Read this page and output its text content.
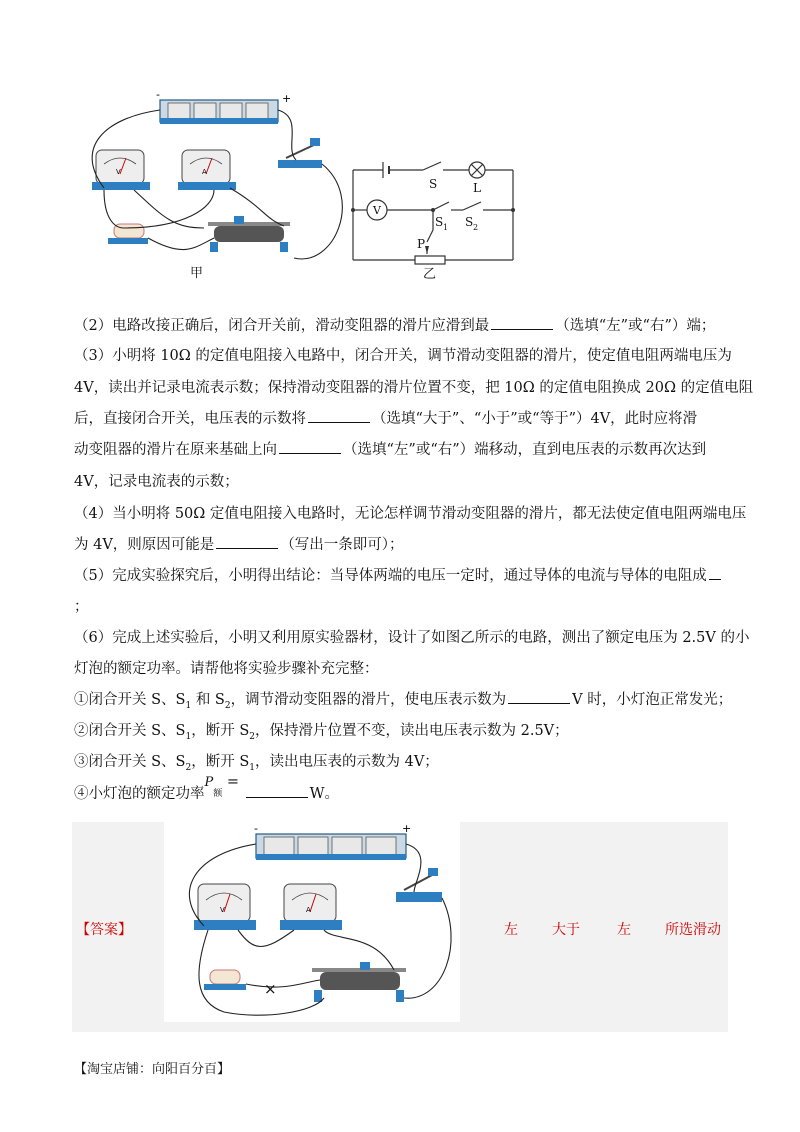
-	+
V	A
甲
V
S	L
S 1 S 2
P
乙
（2）电路改接正确后，闭合开关前，滑动变阻器的滑片应滑到最	（选填“左”或“右”）端；
（3）小明将 10Ω 的定值电阻接入电路中，闭合开关，调节滑动变阻器的滑片，使定值电阻两端电压为
4V，读出并记录电流表示数；保持滑动变阻器的滑片位置不变，把 10Ω 的定值电阻换成 20Ω 的定值电阻
后，直接闭合开关，电压表的示数将	（选填“大于”、“小于”或“等于”）4V，此时应将滑
动变阻器的滑片在原来基础上向	（选填“左”或“右”）端移动，直到电压表的示数再次达到
4V，记录电流表的示数；
（4）当小明将 50Ω 定值电阻接入电路时，无论怎样调节滑动变阻器的滑片，都无法使定值电阻两端电压
为 4V，则原因可能是	（写出一条即可）；
（5）完成实验探究后，小明得出结论：当导体两端的电压一定时，通过导体的电流与导体的电阻成
；
（6）完成上述实验后，小明又利用原实验器材，设计了如图乙所示的电路，测出了额定电压为 2.5V 的小
灯泡的额定功率。请帮他将实验步骤补充完整：
①闭合开关 S、$S_1$ 和 $S_2$，调节滑动变阻器的滑片，使电压表示数为	V 时，小灯泡正常发光；
②闭合开关 S、$S_1$，断开 $S_2$，保持滑片位置不变，读出电压表示数为 2.5V；
③闭合开关 S、$S_2$，断开 $S_1$，读出电压表的示数为 4V；
④小灯泡的额定功率$P_额 = W$。
-	+
V	A
×
【答案】	左 大于	左 所选滑动
【淘宝店铺：向阳百分百】
